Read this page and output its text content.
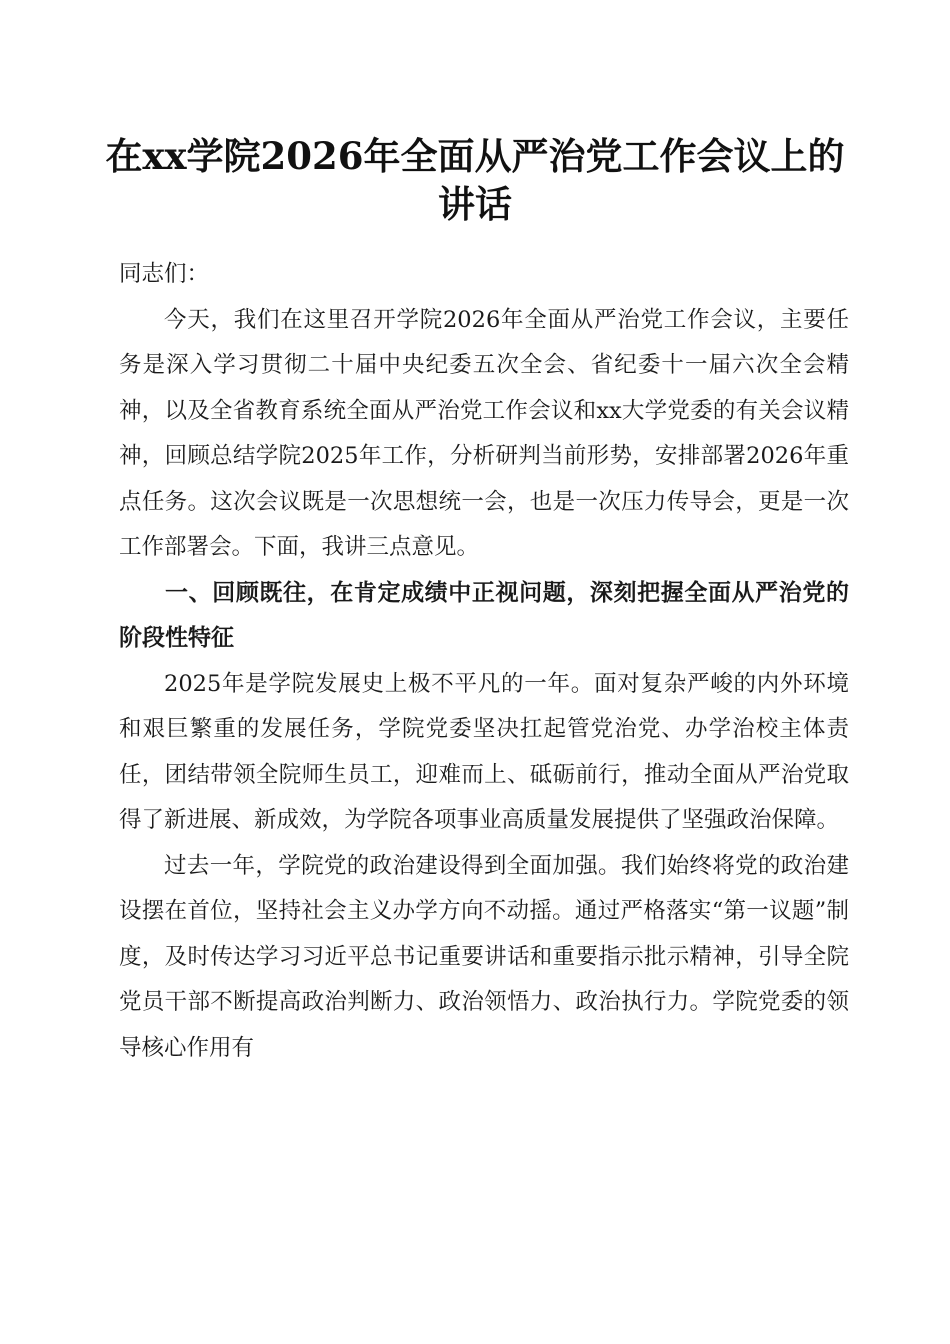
在xx学院2026年全面从严治党工作会议上的
讲话

同志们：

今天，我们在这里召开学院2026年全面从严治党工作会议，主要任务是深入学习贯彻二十届中央纪委五次全会、省纪委十一届六次全会精神，以及全省教育系统全面从严治党工作会议和xx大学党委的有关会议精神，回顾总结学院2025年工作，分析研判当前形势，安排部署2026年重点任务。这次会议既是一次思想统一会，也是一次压力传导会，更是一次工作部署会。下面，我讲三点意见。

一、回顾既往，在肯定成绩中正视问题，深刻把握全面从严治党的阶段性特征

2025年是学院发展史上极不平凡的一年。面对复杂严峻的内外环境和艰巨繁重的发展任务，学院党委坚决扛起管党治党、办学治校主体责任，团结带领全院师生员工，迎难而上、砥砺前行，推动全面从严治党取得了新进展、新成效，为学院各项事业高质量发展提供了坚强政治保障。

过去一年，学院党的政治建设得到全面加强。我们始终将党的政治建设摆在首位，坚持社会主义办学方向不动摇。通过严格落实“第一议题”制度，及时传达学习习近平总书记重要讲话和重要指示批示精神，引导全院党员干部不断提高政治判断力、政治领悟力、政治执行力。学院党委的领导核心作用有
